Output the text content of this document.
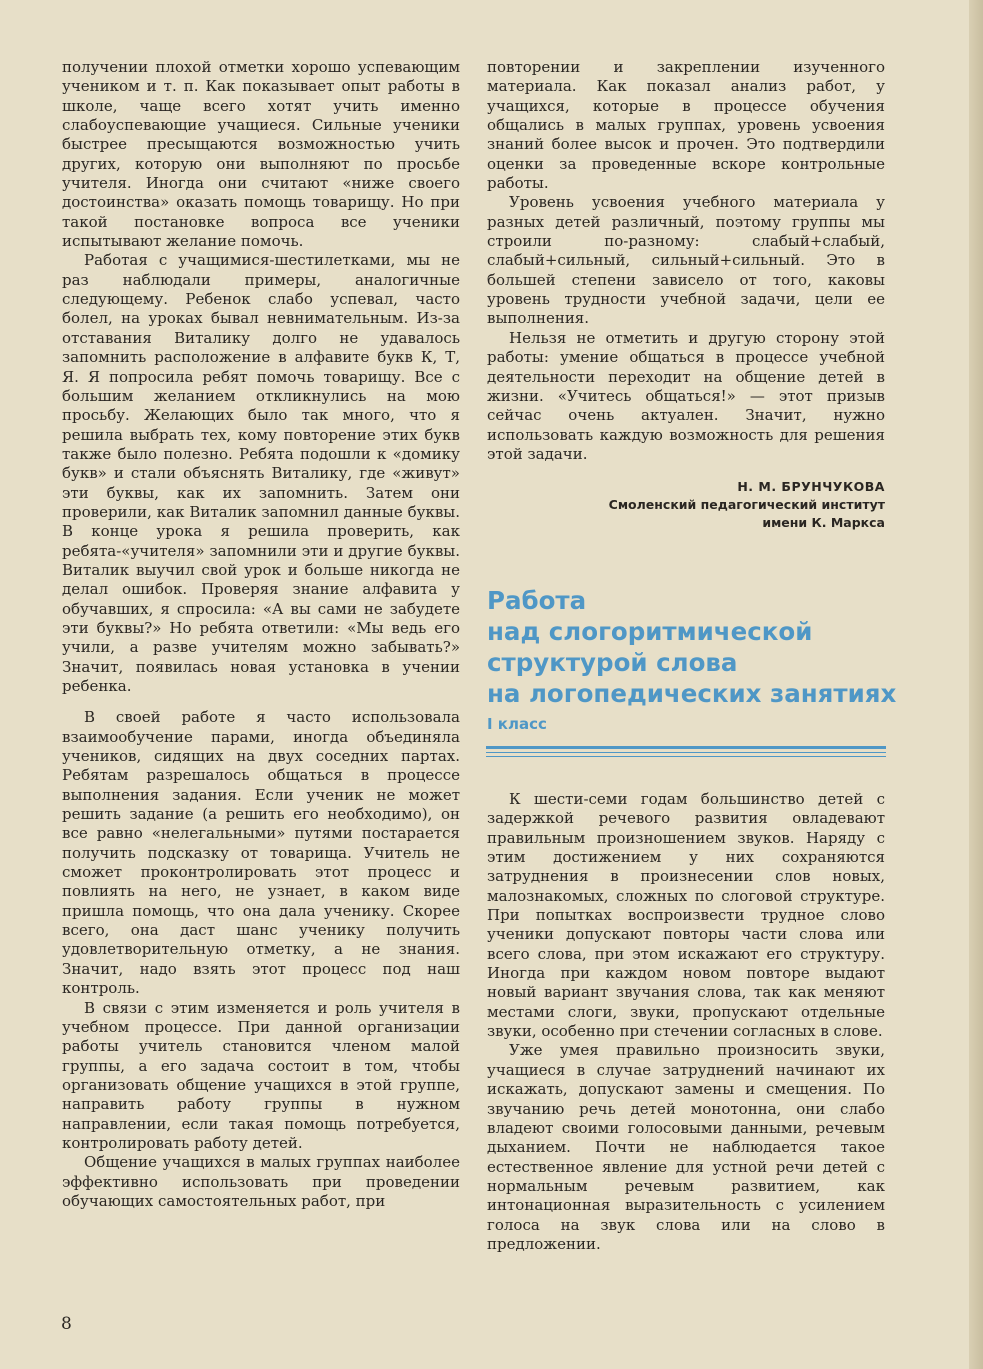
получении плохой отметки хорошо успевающим учеником и т. п. Как показывает опыт работы в школе, чаще всего хотят учить именно слабоуспевающие учащиеся. Сильные ученики быстрее пресыщаются возможностью учить других, которую они выполняют по просьбе учителя. Иногда они считают «ниже своего достоинства» оказать помощь товарищу. Но при такой постановке вопроса все ученики испытывают желание помочь.

Работая с учащимися-шестилетками, мы не раз наблюдали примеры, аналогичные следующему. Ребенок слабо успевал, часто болел, на уроках бывал невнимательным. Из-за отставания Виталику долго не удавалось запомнить расположение в алфавите букв К, Т, Я. Я попросила ребят помочь товарищу. Все с большим желанием откликнулись на мою просьбу. Желающих было так много, что я решила выбрать тех, кому повторение этих букв также было полезно. Ребята подошли к «домику букв» и стали объяснять Виталику, где «живут» эти буквы, как их запомнить. Затем они проверили, как Виталик запомнил данные буквы. В конце урока я решила проверить, как ребята-«учителя» запомнили эти и другие буквы. Виталик выучил свой урок и больше никогда не делал ошибок. Проверяя знание алфавита у обучавших, я спросила: «А вы сами не забудете эти буквы?» Но ребята ответили: «Мы ведь его учили, а разве учителям можно забывать?» Значит, появилась новая установка в учении ребенка.

В своей работе я часто использовала взаимообучение парами, иногда объединяла учеников, сидящих на двух соседних партах. Ребятам разрешалось общаться в процессе выполнения задания. Если ученик не может решить задание (а решить его необходимо), он все равно «нелегальными» путями постарается получить подсказку от товарища. Учитель не сможет проконтролировать этот процесс и повлиять на него, не узнает, в каком виде пришла помощь, что она дала ученику. Скорее всего, она даст шанс ученику получить удовлетворительную отметку, а не знания. Значит, надо взять этот процесс под наш контроль.

В связи с этим изменяется и роль учителя в учебном процессе. При данной организации работы учитель становится членом малой группы, а его задача состоит в том, чтобы организовать общение учащихся в этой группе, направить работу группы в нужном направлении, если такая помощь потребуется, контролировать работу детей.

Общение учащихся в малых группах наиболее эффективно использовать при проведении обучающих самостоятельных работ, при

повторении и закреплении изученного материала. Как показал анализ работ, у учащихся, которые в процессе обучения общались в малых группах, уровень усвоения знаний более высок и прочен. Это подтвердили оценки за проведенные вскоре контрольные работы.

Уровень усвоения учебного материала у разных детей различный, поэтому группы мы строили по-разному: слабый+слабый, слабый+сильный, сильный+сильный. Это в большей степени зависело от того, каковы уровень трудности учебной задачи, цели ее выполнения.

Нельзя не отметить и другую сторону этой работы: умение общаться в процессе учебной деятельности переходит на общение детей в жизни. «Учитесь общаться!» — этот призыв сейчас очень актуален. Значит, нужно использовать каждую возможность для решения этой задачи.

Н. М. БРУНЧУКОВА
Смоленский педагогический институт
имени К. Маркса
Работа
над слогоритмической
структурой слова
на логопедических занятиях
I класс

К шести-семи годам большинство детей с задержкой речевого развития овладевают правильным произношением звуков. Наряду с этим достижением у них сохраняются затруднения в произнесении слов новых, малознакомых, сложных по слоговой структуре. При попытках воспроизвести трудное слово ученики допускают повторы части слова или всего слова, при этом искажают его структуру. Иногда при каждом новом повторе выдают новый вариант звучания слова, так как меняют местами слоги, звуки, пропускают отдельные звуки, особенно при стечении согласных в слове.

Уже умея правильно произносить звуки, учащиеся в случае затруднений начинают их искажать, допускают замены и смещения. По звучанию речь детей монотонна, они слабо владеют своими голосовыми данными, речевым дыханием. Почти не наблюдается такое естественное явление для устной речи детей с нормальным речевым развитием, как интонационная выразительность с усилением голоса на звук слова или на слово в предложении.

8
